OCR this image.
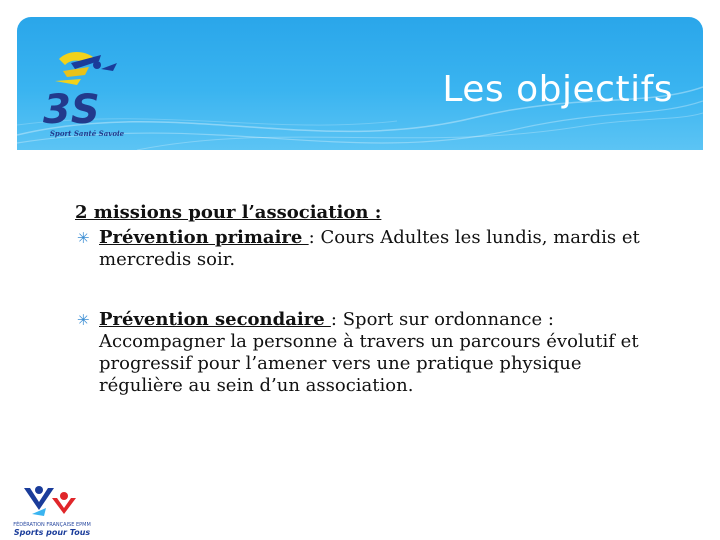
3S
Sport Santé Savoie
Les objectifs

2 missions pour l’association :

✳ Prévention primaire : Cours Adultes les lundis, mardis et mercredis soir.
✳ Prévention secondaire : Sport sur ordonnance : Accompagner la personne à travers un parcours évolutif et progressif pour l’amener vers une pratique physique régulière au sein d’un association.
FÉDÉRATION FRANÇAISE EPMM
Sports pour Tous
